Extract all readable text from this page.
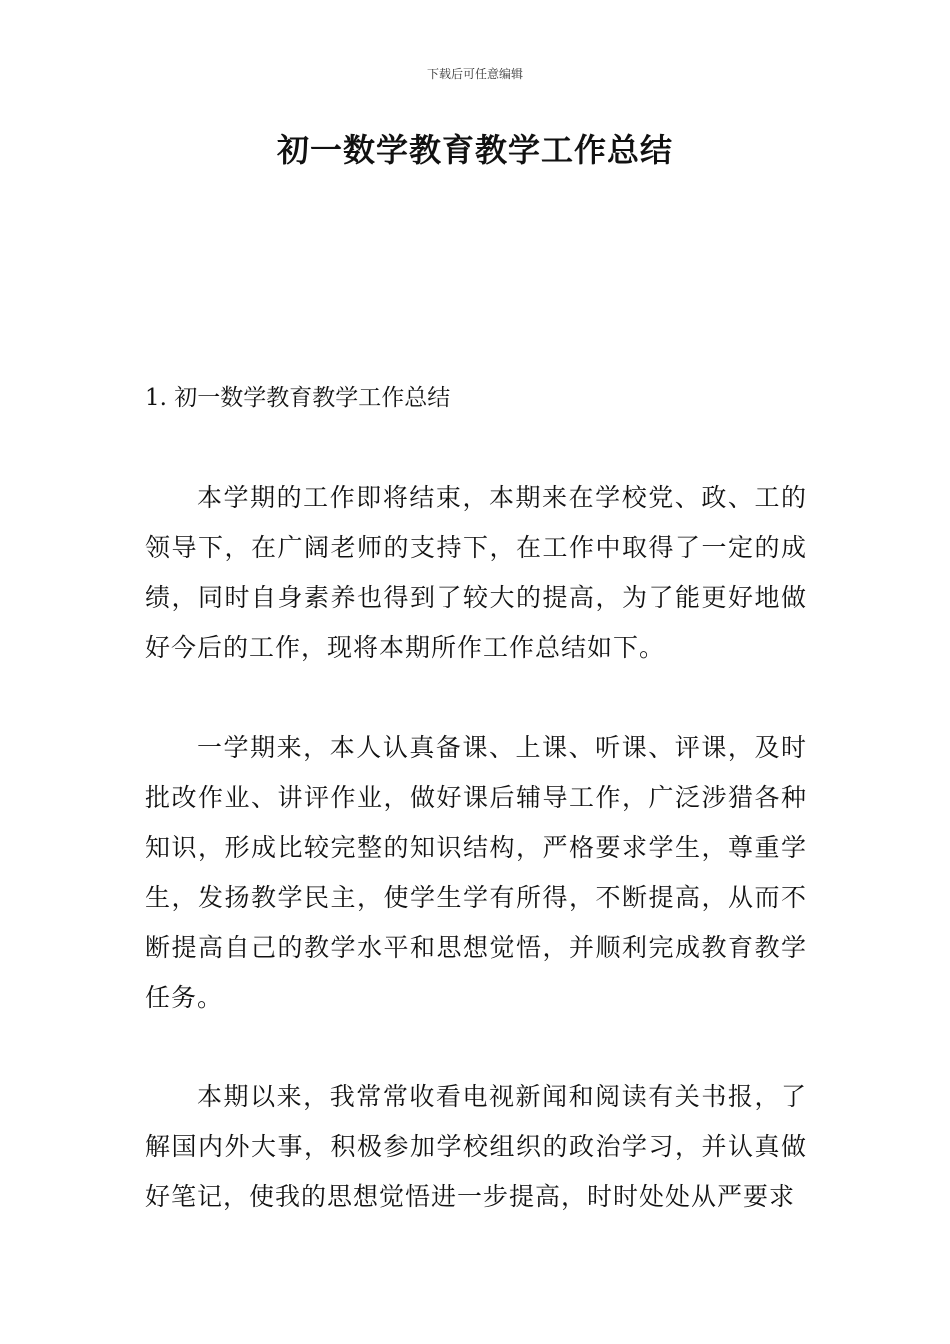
下载后可任意编辑
初一数学教育教学工作总结
1. 初一数学教育教学工作总结

本学期的工作即将结束，本期来在学校党、政、工的领导下，在广阔老师的支持下，在工作中取得了一定的成绩，同时自身素养也得到了较大的提高，为了能更好地做好今后的工作，现将本期所作工作总结如下。

一学期来，本人认真备课、上课、听课、评课，及时批改作业、讲评作业，做好课后辅导工作，广泛涉猎各种知识，形成比较完整的知识结构，严格要求学生，尊重学生，发扬教学民主，使学生学有所得，不断提高，从而不断提高自己的教学水平和思想觉悟，并顺利完成教育教学任务。

本期以来，我常常收看电视新闻和阅读有关书报，了解国内外大事，积极参加学校组织的政治学习，并认真做好笔记，使我的思想觉悟进一步提高，时时处处从严要求
